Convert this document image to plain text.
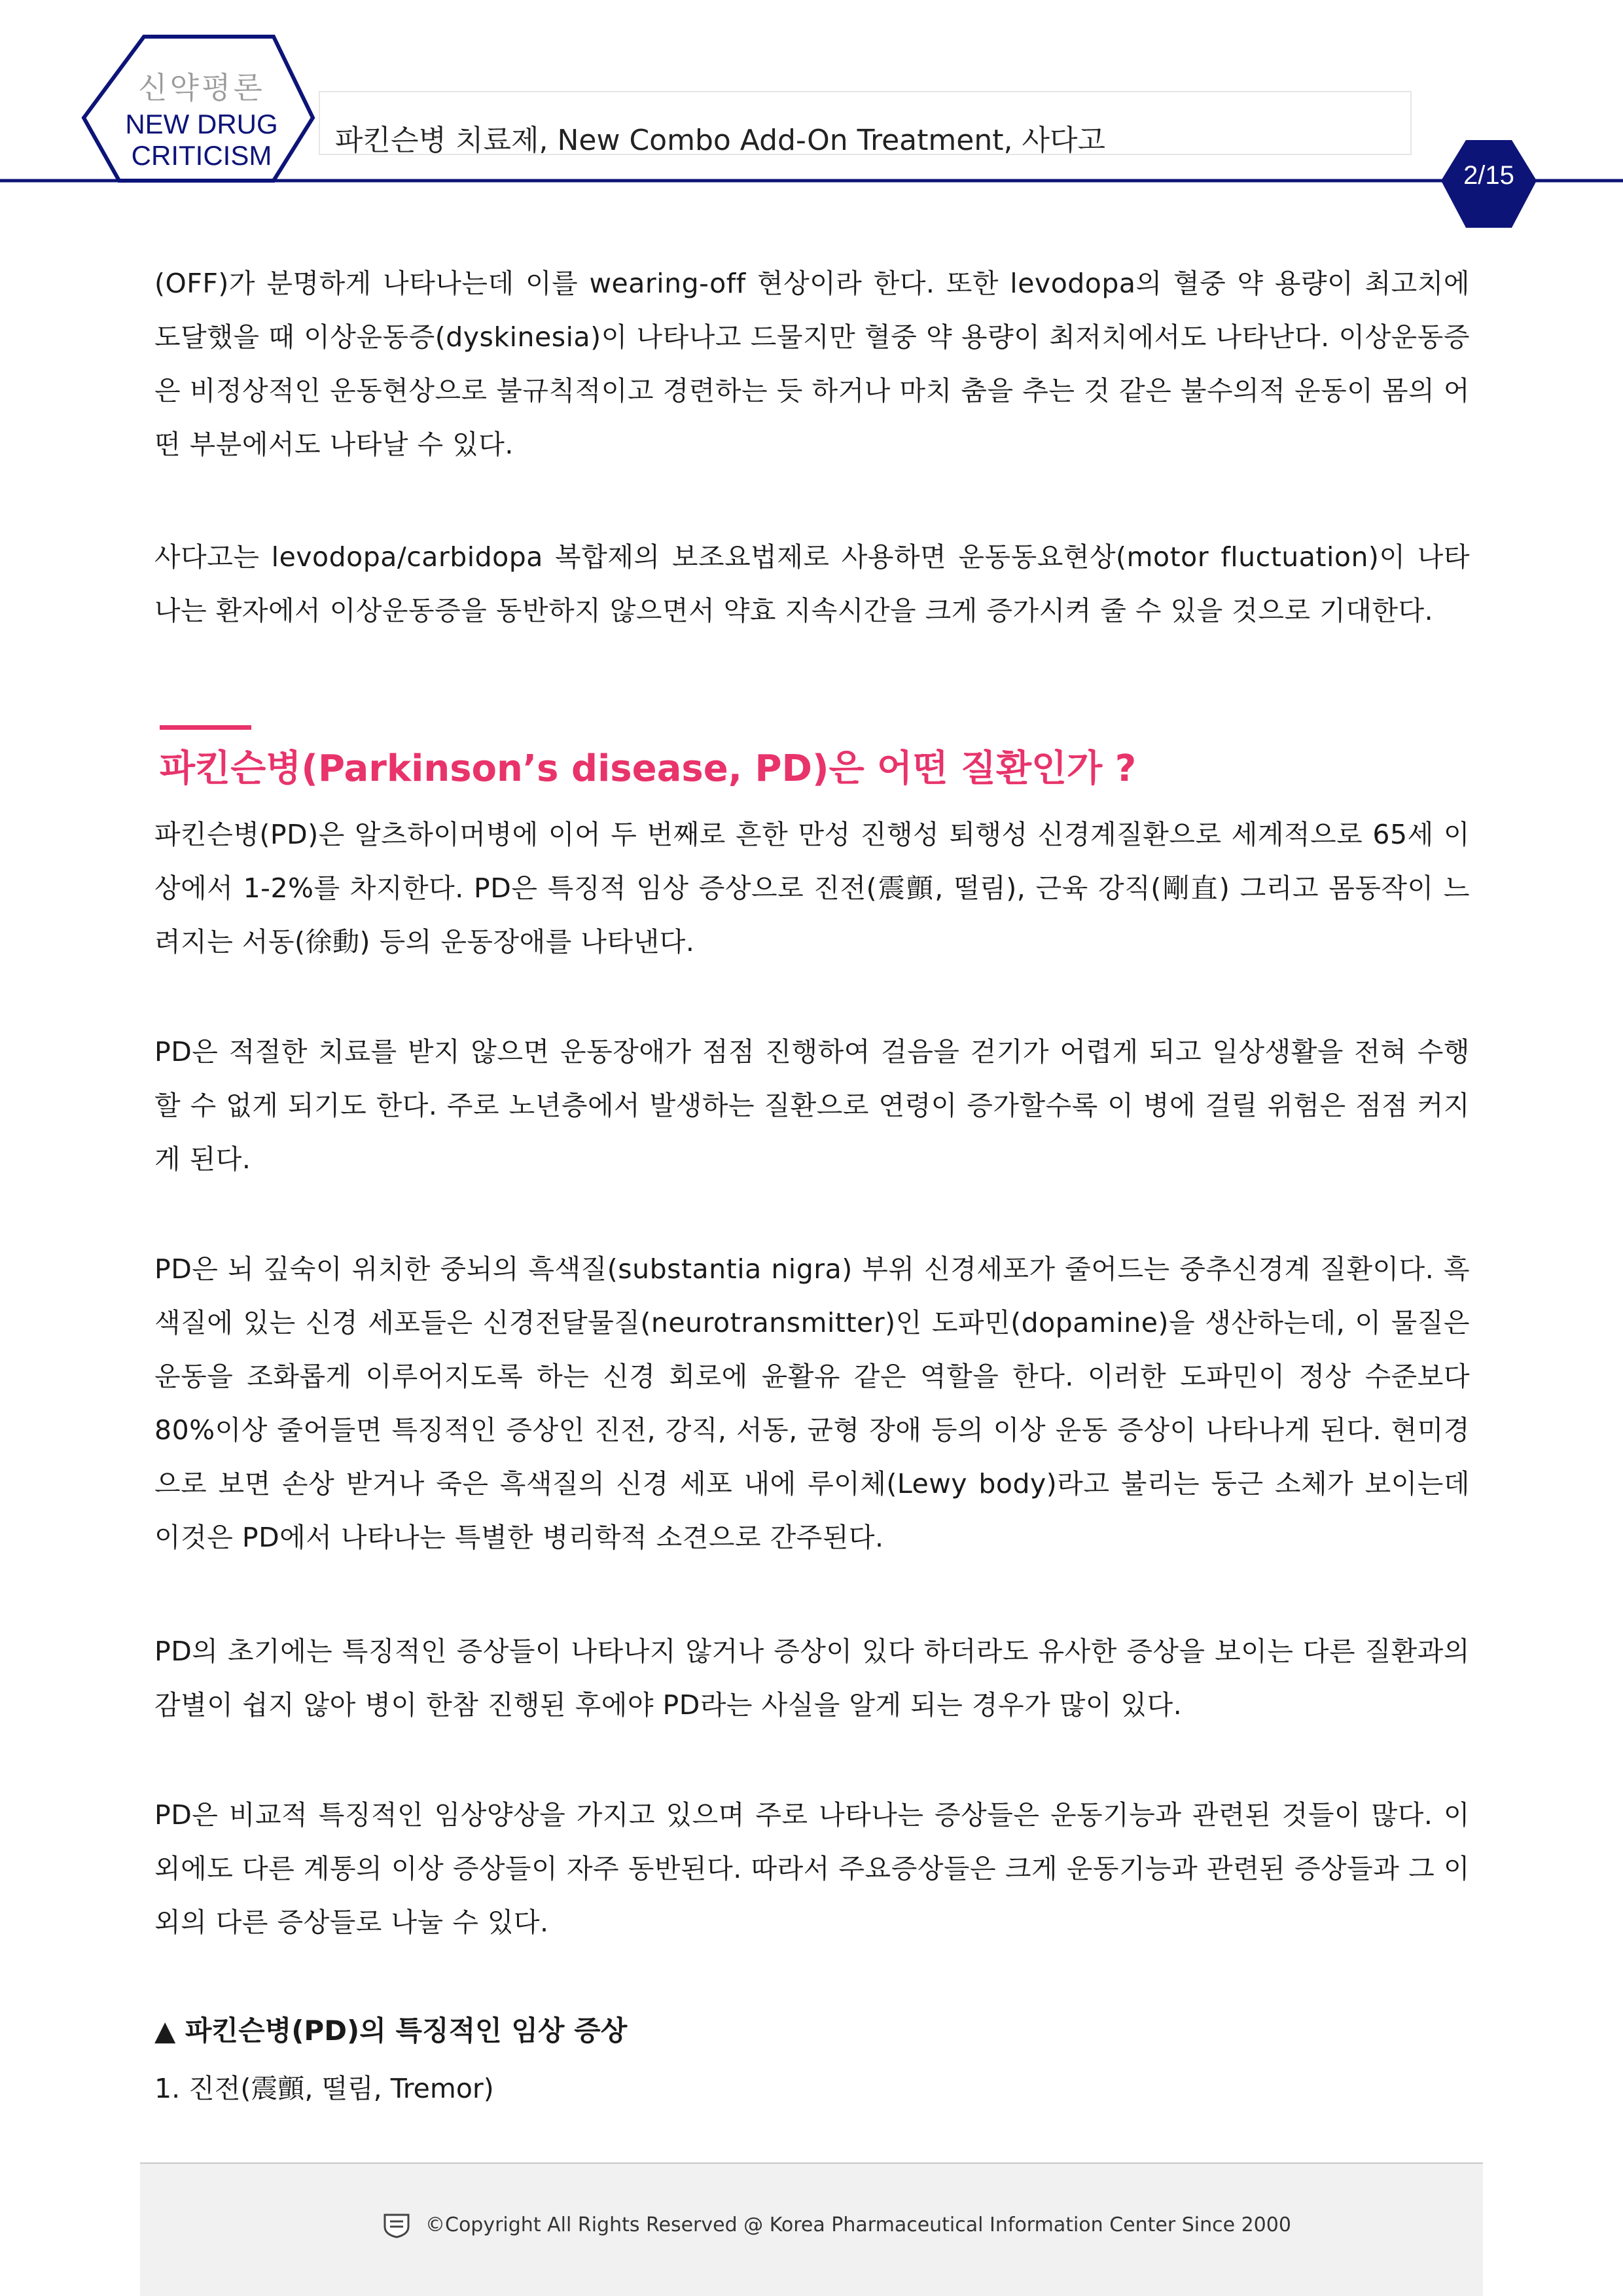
신약평론
NEW DRUG
CRITICISM	파킨슨병 치료제, New Combo Add-On Treatment, 사다고
2/15

(OFF)가 분명하게 나타나는데 이를 wearing-off 현상이라 한다. 또한 levodopa의 혈중 약 용량이 최고치에 도달했을 때 이상운동증(dyskinesia)이 나타나고 드물지만 혈중 약 용량이 최저치에서도 나타난다. 이상운동증은 비정상적인 운동현상으로 불규칙적이고 경련하는 듯 하거나 마치 춤을 추는 것 같은 불수의적 운동이 몸의 어떤 부분에서도 나타날 수 있다.

사다고는 levodopa/carbidopa 복합제의 보조요법제로 사용하면 운동동요현상(motor fluctuation)이 나타나는 환자에서 이상운동증을 동반하지 않으면서 약효 지속시간을 크게 증가시켜 줄 수 있을 것으로 기대한다.

파킨슨병(PD)은 알츠하이머병에 이어 두 번째로 흔한 만성 진행성 퇴행성 신경계질환으로 세계적으로 65세 이상에서 1-2%를 차지한다. PD은 특징적 임상 증상으로 진전(震顫, 떨림), 근육 강직(剛直) 그리고 몸동작이 느려지는 서동(徐動) 등의 운동장애를 나타낸다.

PD은 적절한 치료를 받지 않으면 운동장애가 점점 진행하여 걸음을 걷기가 어렵게 되고 일상생활을 전혀 수행할 수 없게 되기도 한다. 주로 노년층에서 발생하는 질환으로 연령이 증가할수록 이 병에 걸릴 위험은 점점 커지게 된다.

PD은 뇌 깊숙이 위치한 중뇌의 흑색질(substantia nigra) 부위 신경세포가 줄어드는 중추신경계 질환이다. 흑색질에 있는 신경 세포들은 신경전달물질(neurotransmitter)인 도파민(dopamine)을 생산하는데, 이 물질은 운동을 조화롭게 이루어지도록 하는 신경 회로에 윤활유 같은 역할을 한다. 이러한 도파민이 정상 수준보다 80%이상 줄어들면 특징적인 증상인 진전, 강직, 서동, 균형 장애 등의 이상 운동 증상이 나타나게 된다. 현미경으로 보면 손상 받거나 죽은 흑색질의 신경 세포 내에 루이체(Lewy body)라고 불리는 둥근 소체가 보이는데 이것은 PD에서 나타나는 특별한 병리학적 소견으로 간주된다.

PD의 초기에는 특징적인 증상들이 나타나지 않거나 증상이 있다 하더라도 유사한 증상을 보이는 다른 질환과의 감별이 쉽지 않아 병이 한참 진행된 후에야 PD라는 사실을 알게 되는 경우가 많이 있다.

PD은 비교적 특징적인 임상양상을 가지고 있으며 주로 나타나는 증상들은 운동기능과 관련된 것들이 많다. 이외에도 다른 계통의 이상 증상들이 자주 동반된다. 따라서 주요증상들은 크게 운동기능과 관련된 증상들과 그 이외의 다른 증상들로 나눌 수 있다.

파킨슨병(Parkinson’s disease, PD)은 어떤 질환인가 ?
▲ 파킨슨병(PD)의 특징적인 임상 증상
1. 진전(震顫, 떨림, Tremor)
©Copyright All Rights Reserved @ Korea Pharmaceutical Information Center Since 2000
